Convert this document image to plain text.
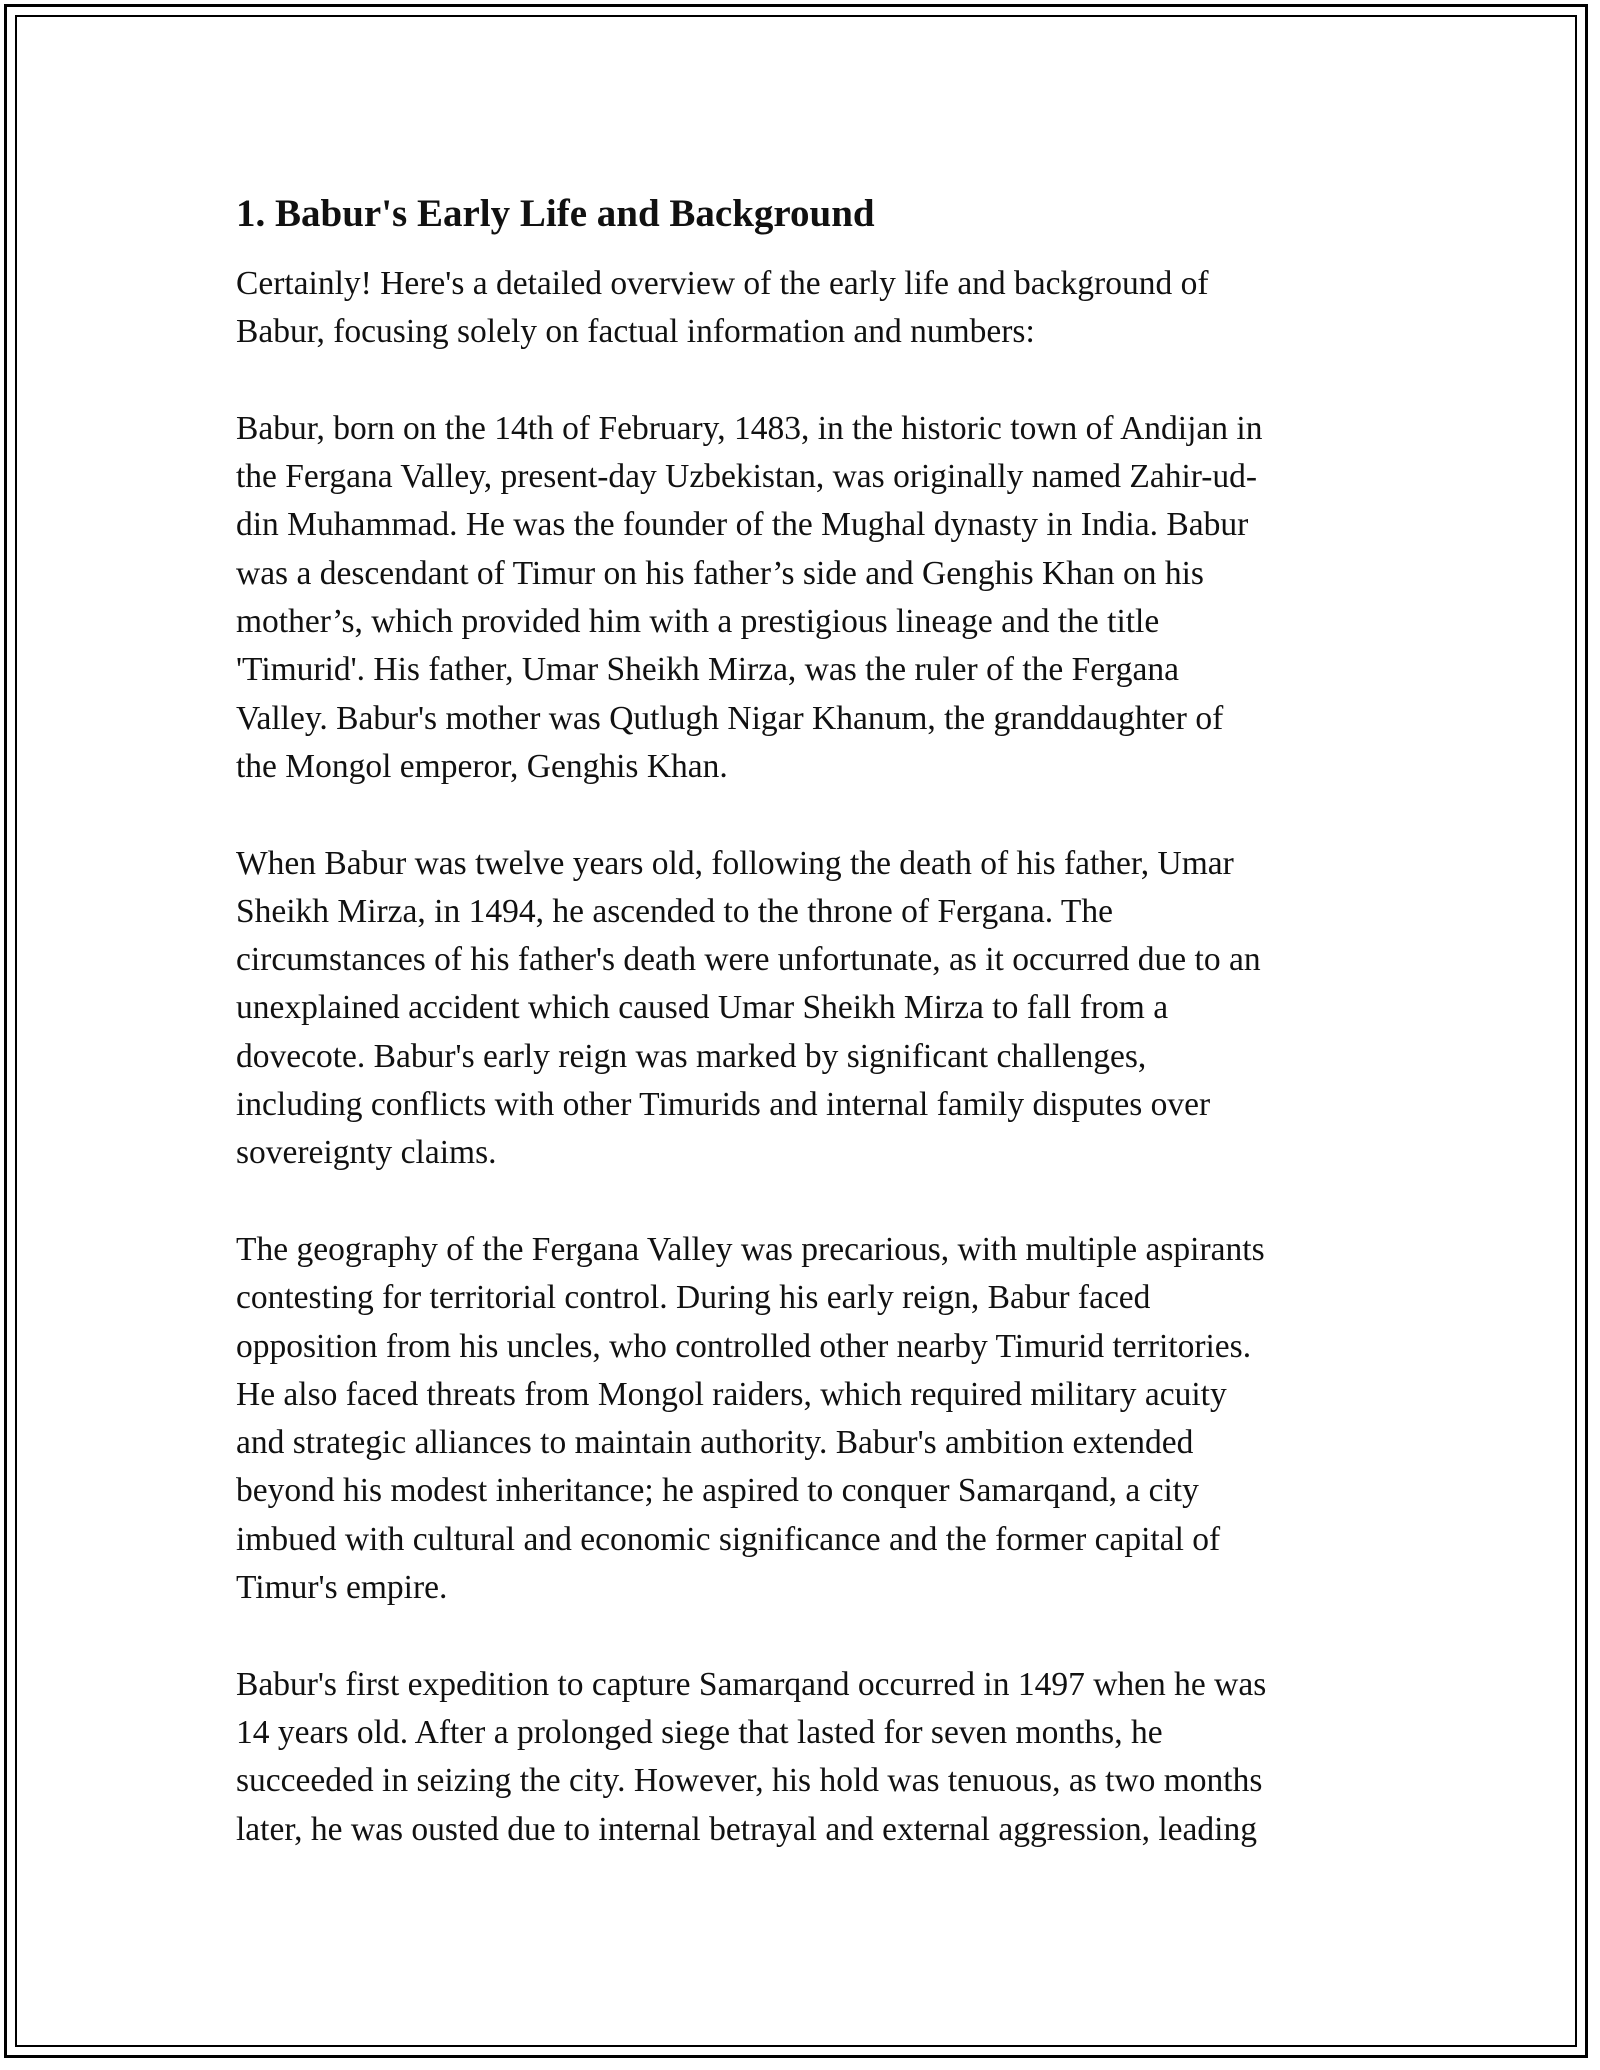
1. Babur's Early Life and Background

Certainly! Here's a detailed overview of the early life and background of
Babur, focusing solely on factual information and numbers:

Babur, born on the 14th of February, 1483, in the historic town of Andijan in
the Fergana Valley, present-day Uzbekistan, was originally named Zahir-ud-
din Muhammad. He was the founder of the Mughal dynasty in India. Babur
was a descendant of Timur on his father’s side and Genghis Khan on his
mother’s, which provided him with a prestigious lineage and the title
'Timurid'. His father, Umar Sheikh Mirza, was the ruler of the Fergana
Valley. Babur's mother was Qutlugh Nigar Khanum, the granddaughter of
the Mongol emperor, Genghis Khan.

When Babur was twelve years old, following the death of his father, Umar
Sheikh Mirza, in 1494, he ascended to the throne of Fergana. The
circumstances of his father's death were unfortunate, as it occurred due to an
unexplained accident which caused Umar Sheikh Mirza to fall from a
dovecote. Babur's early reign was marked by significant challenges,
including conflicts with other Timurids and internal family disputes over
sovereignty claims.

The geography of the Fergana Valley was precarious, with multiple aspirants
contesting for territorial control. During his early reign, Babur faced
opposition from his uncles, who controlled other nearby Timurid territories.
He also faced threats from Mongol raiders, which required military acuity
and strategic alliances to maintain authority. Babur's ambition extended
beyond his modest inheritance; he aspired to conquer Samarqand, a city
imbued with cultural and economic significance and the former capital of
Timur's empire.

Babur's first expedition to capture Samarqand occurred in 1497 when he was
14 years old. After a prolonged siege that lasted for seven months, he
succeeded in seizing the city. However, his hold was tenuous, as two months
later, he was ousted due to internal betrayal and external aggression, leading
